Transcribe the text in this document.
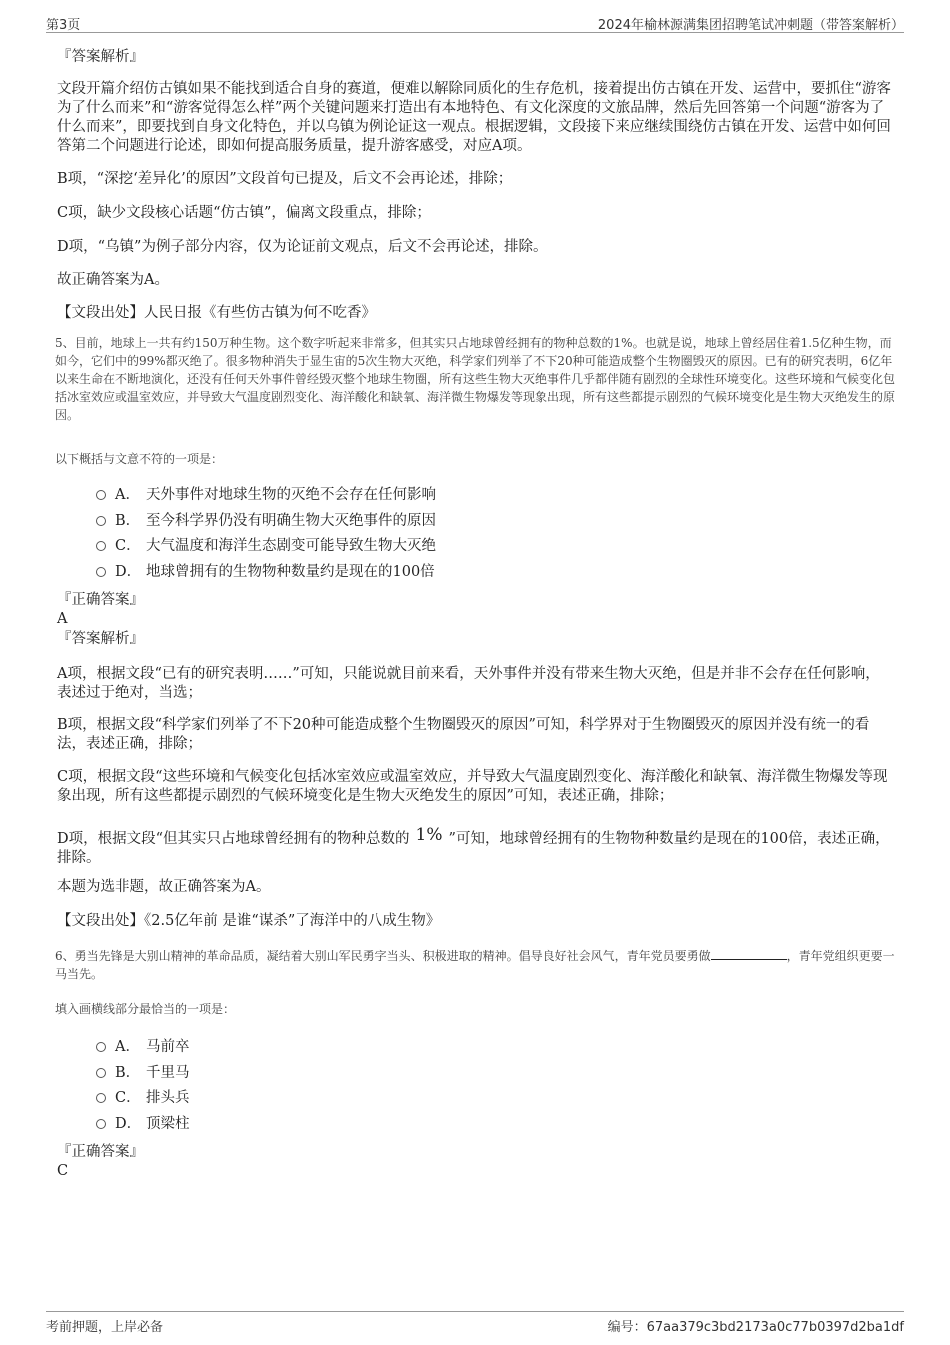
第3页	2024年榆林源满集团招聘笔试冲刺题（带答案解析）
『答案解析』
文段开篇介绍仿古镇如果不能找到适合自身的赛道，便难以解除同质化的生存危机，接着提出仿古镇在开发、运营中，要抓住“游客为了什么而来”和“游客觉得怎么样”两个关键问题来打造出有本地特色、有文化深度的文旅品牌，然后先回答第一个问题“游客为了什么而来”，即要找到自身文化特色，并以乌镇为例论证这一观点。根据逻辑，文段接下来应继续围绕仿古镇在开发、运营中如何回答第二个问题进行论述，即如何提高服务质量，提升游客感受，对应A项。
B项，“深挖‘差异化’的原因”文段首句已提及，后文不会再论述，排除；
C项，缺少文段核心话题“仿古镇”，偏离文段重点，排除；
D项，“乌镇”为例子部分内容，仅为论证前文观点，后文不会再论述，排除。
故正确答案为A。
【文段出处】人民日报《有些仿古镇为何不吃香》
5、目前，地球上一共有约150万种生物。这个数字听起来非常多，但其实只占地球曾经拥有的物种总数的1%。也就是说，地球上曾经居住着1.5亿种生物，而如今，它们中的99%都灭绝了。很多物种消失于显生宙的5次生物大灭绝，科学家们列举了不下20种可能造成整个生物圈毁灭的原因。已有的研究表明，6亿年以来生命在不断地演化，还没有任何天外事件曾经毁灭整个地球生物圈，所有这些生物大灭绝事件几乎都伴随有剧烈的全球性环境变化。这些环境和气候变化包括冰室效应或温室效应，并导致大气温度剧烈变化、海洋酸化和缺氧、海洋微生物爆发等现象出现，所有这些都提示剧烈的气候环境变化是生物大灭绝发生的原因。
以下概括与文意不符的一项是：
A． 天外事件对地球生物的灭绝不会存在任何影响
B． 至今科学界仍没有明确生物大灭绝事件的原因
C． 大气温度和海洋生态剧变可能导致生物大灭绝
D． 地球曾拥有的生物物种数量约是现在的100倍
『正确答案』
A
『答案解析』
A项，根据文段“已有的研究表明……”可知，只能说就目前来看，天外事件并没有带来生物大灭绝，但是并非不会存在任何影响，表述过于绝对，当选；
B项，根据文段“科学家们列举了不下20种可能造成整个生物圈毁灭的原因”可知，科学界对于生物圈毁灭的原因并没有统一的看法，表述正确，排除；
C项，根据文段“这些环境和气候变化包括冰室效应或温室效应，并导致大气温度剧烈变化、海洋酸化和缺氧、海洋微生物爆发等现象出现，所有这些都提示剧烈的气候环境变化是生物大灭绝发生的原因”可知，表述正确，排除；
D项，根据文段“但其实只占地球曾经拥有的物种总数的 1% ”可知，地球曾经拥有的生物物种数量约是现在的100倍，表述正确，排除。
本题为选非题，故正确答案为A。
【文段出处】《2.5亿年前 是谁“谋杀”了海洋中的八成生物》
6、勇当先锋是大别山精神的革命品质，凝结着大别山军民勇字当头、积极进取的精神。倡导良好社会风气，青年党员要勇做	，青年党组织更要一马当先。
填入画横线部分最恰当的一项是：
A． 马前卒
B． 千里马
C． 排头兵
D． 顶梁柱
『正确答案』
C
考前押题，上岸必备	编号：67aa379c3bd2173a0c77b0397d2ba1df
